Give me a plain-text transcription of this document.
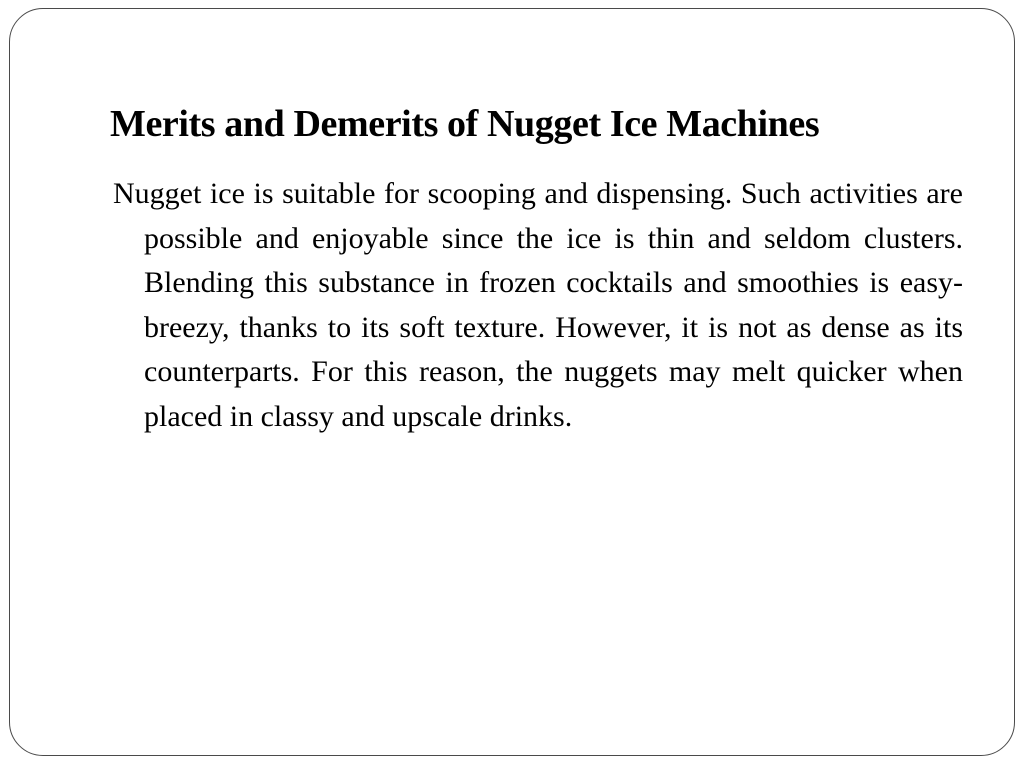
Merits and Demerits of Nugget Ice Machines

Nugget ice is suitable for scooping and dispensing. Such activities are possible and enjoyable since the ice is thin and seldom clusters. Blending this substance in frozen cocktails and smoothies is easy-breezy, thanks to its soft texture. However, it is not as dense as its counterparts. For this reason, the nuggets may melt quicker when placed in classy and upscale drinks.
